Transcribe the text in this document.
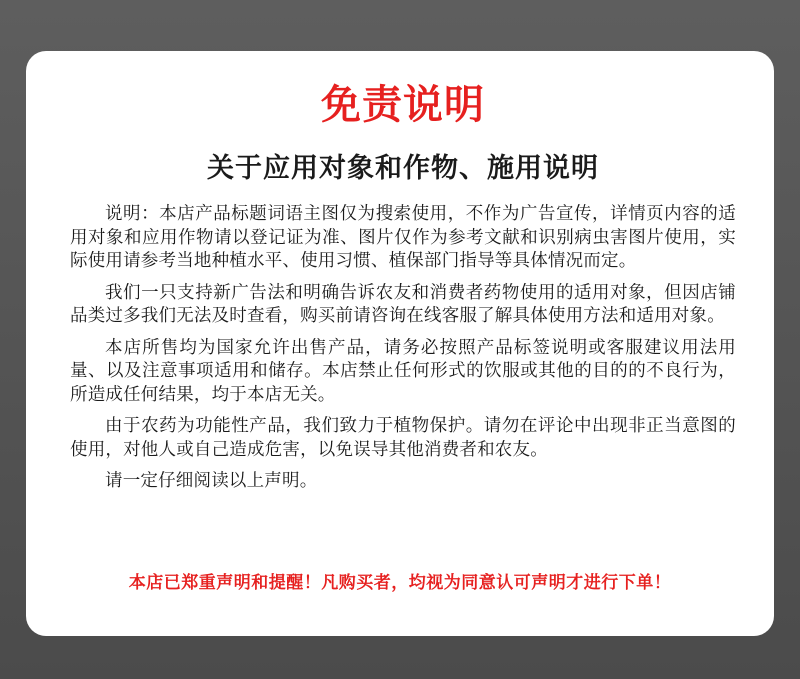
免责说明
关于应用对象和作物、施用说明

说明：本店产品标题词语主图仅为搜索使用，不作为广告宣传，详情页内容的适用对象和应用作物请以登记证为准、图片仅作为参考文献和识别病虫害图片使用，实际使用请参考当地种植水平、使用习惯、植保部门指导等具体情况而定。

我们一只支持新广告法和明确告诉农友和消费者药物使用的适用对象，但因店铺品类过多我们无法及时查看，购买前请咨询在线客服了解具体使用方法和适用对象。

本店所售均为国家允许出售产品，请务必按照产品标签说明或客服建议用法用量、以及注意事项适用和储存。本店禁止任何形式的饮服或其他的目的的不良行为，所造成任何结果，均于本店无关。

由于农药为功能性产品，我们致力于植物保护。请勿在评论中出现非正当意图的使用，对他人或自己造成危害，以免误导其他消费者和农友。

请一定仔细阅读以上声明。

本店已郑重声明和提醒！凡购买者，均视为同意认可声明才进行下单！
